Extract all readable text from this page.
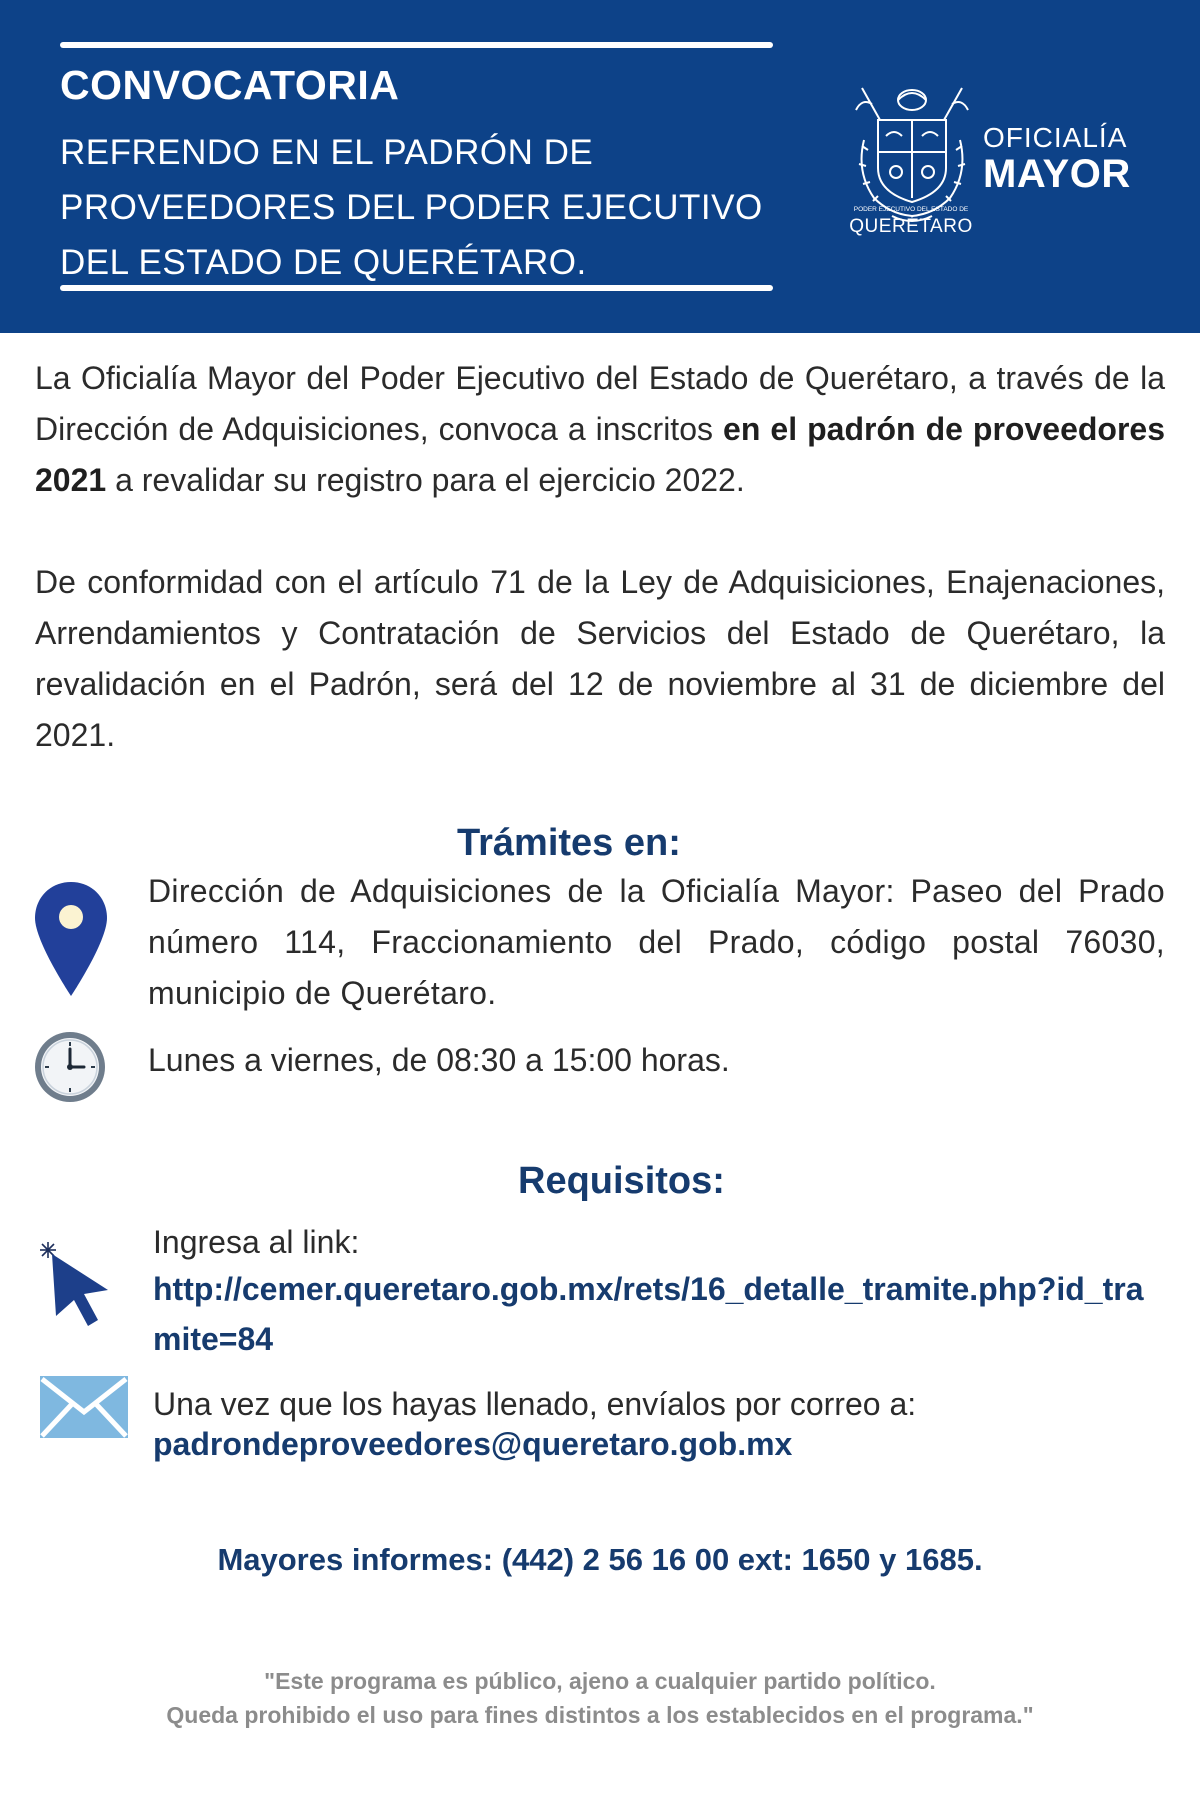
CONVOCATORIA
REFRENDO EN EL PADRÓN DE
PROVEEDORES DEL PODER EJECUTIVO
DEL ESTADO DE QUERÉTARO.
PODER EJECUTIVO DEL ESTADO DE
QUERÉTARO
OFICIALÍA
MAYOR
La Oficialía Mayor del Poder Ejecutivo del Estado de Querétaro, a través de la Dirección de Adquisiciones, convoca a inscritos en el padrón de proveedores 2021 a revalidar su registro para el ejercicio 2022.
De conformidad con el artículo 71 de la Ley de Adquisiciones, Enajenaciones, Arrendamientos y Contratación de Servicios del Estado de Querétaro, la revalidación en el Padrón, será del 12 de noviembre al 31 de diciembre del 2021.
Trámites en:
Dirección de Adquisiciones de la Oficialía Mayor: Paseo del Prado número 114, Fraccionamiento del Prado, código postal 76030, municipio de Querétaro.
Lunes a viernes, de 08:30 a 15:00 horas.
Requisitos:
Ingresa al link:
http://cemer.queretaro.gob.mx/rets/16_detalle_tramite.php?id_tramite=84
Una vez que los hayas llenado, envíalos por correo a:
padrondeproveedores@queretaro.gob.mx
Mayores informes: (442) 2 56 16 00 ext: 1650 y 1685.
"Este programa es público, ajeno a cualquier partido político.
Queda prohibido el uso para fines distintos a los establecidos en el programa."
